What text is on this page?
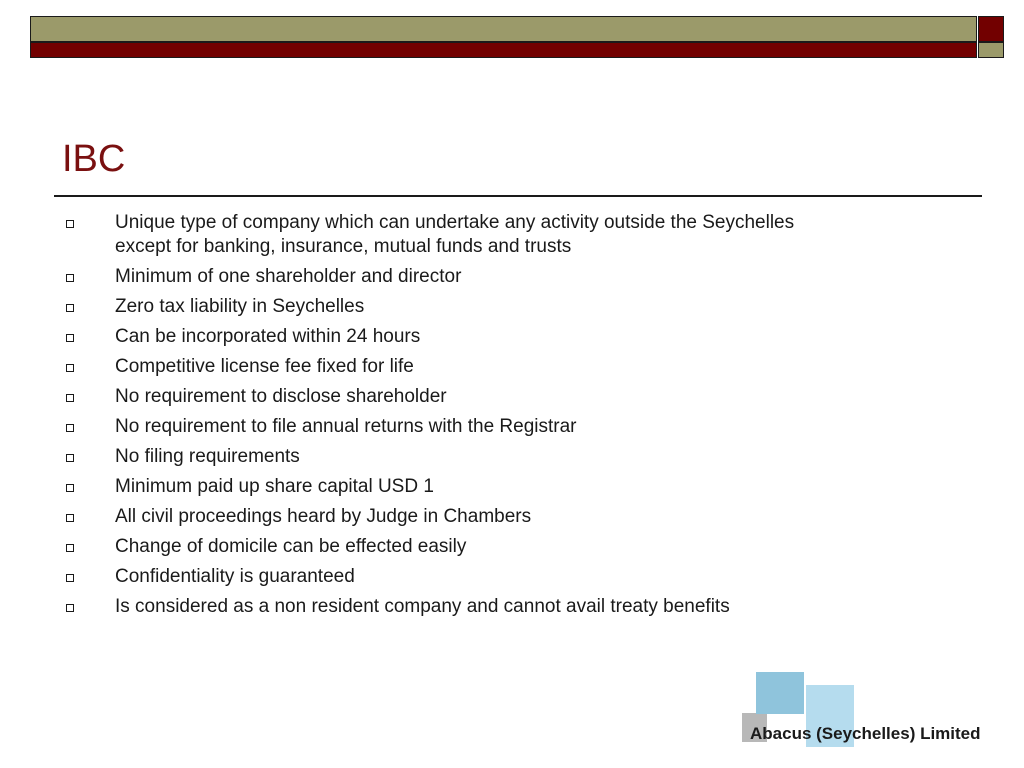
IBC
Unique type of company which can undertake any activity outside the Seychelles except for banking, insurance, mutual funds and trusts
Minimum of one shareholder and director
Zero tax liability in Seychelles
Can be incorporated within 24 hours
Competitive license fee fixed for life
No requirement to disclose shareholder
No requirement to file annual returns with the Registrar
No filing requirements
Minimum paid up share capital USD 1
All civil proceedings heard by Judge in Chambers
Change of domicile can be effected easily
Confidentiality is guaranteed
Is considered as a non resident company and cannot avail treaty benefits

Abacus (Seychelles) Limited
